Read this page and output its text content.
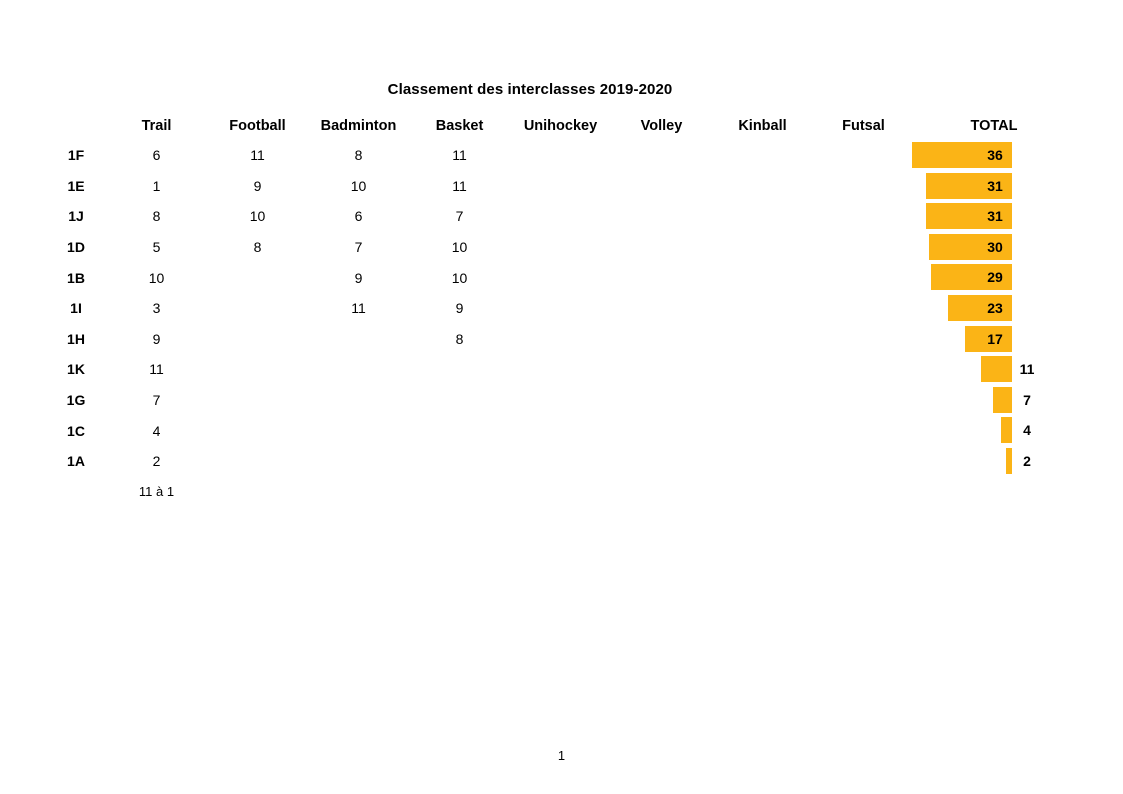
Classement des interclasses 2019-2020
	Trail	Football	Badminton	Basket	Unihockey	Volley	Kinball	Futsal	TOTAL
1F	6	11	8	11					36

1E	1	9	10	11					31

1J	8	10	6	7					31

1D	5	8	7	10					30

1B	10		9	10					29

1I	3		11	9					23

1H	9			8					17

1K	11								11

1G	7								7

1C	4								4

1A	2								2

	11 à 1								
1
